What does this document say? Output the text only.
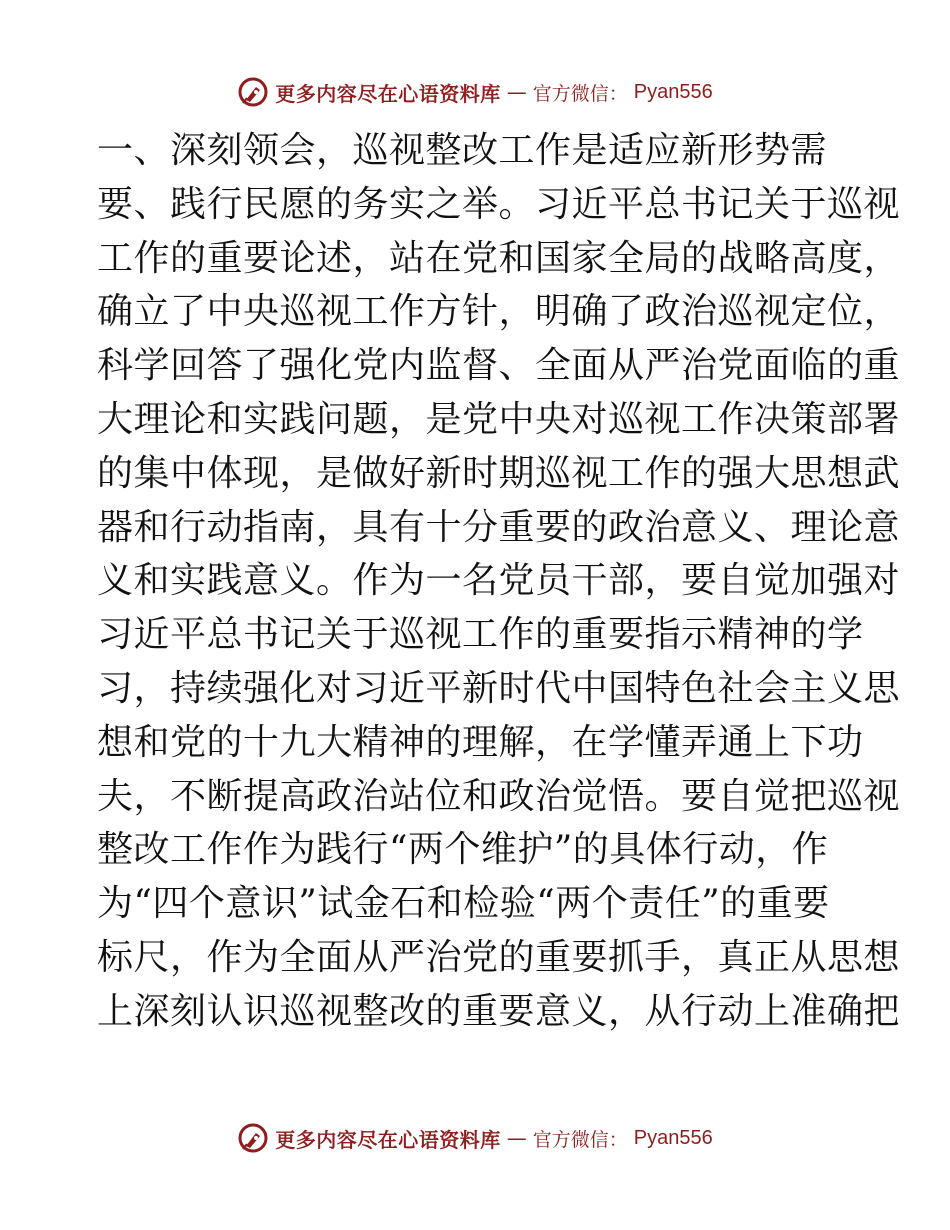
更多内容尽在心语资料库 — 官方微信： Pyan556
一、深刻领会，巡视整改工作是适应新形势需
要、践行民愿的务实之举。习近平总书记关于巡视
工作的重要论述，站在党和国家全局的战略高度，
确立了中央巡视工作方针，明确了政治巡视定位，
科学回答了强化党内监督、全面从严治党面临的重
大理论和实践问题，是党中央对巡视工作决策部署
的集中体现，是做好新时期巡视工作的强大思想武
器和行动指南，具有十分重要的政治意义、理论意
义和实践意义。作为一名党员干部，要自觉加强对
习近平总书记关于巡视工作的重要指示精神的学
习，持续强化对习近平新时代中国特色社会主义思
想和党的十九大精神的理解，在学懂弄通上下功
夫，不断提高政治站位和政治觉悟。要自觉把巡视
整改工作作为践行“两个维护”的具体行动，作
为“四个意识”试金石和检验“两个责任”的重要
标尺，作为全面从严治党的重要抓手，真正从思想
上深刻认识巡视整改的重要意义，从行动上准确把
更多内容尽在心语资料库 — 官方微信： Pyan556
